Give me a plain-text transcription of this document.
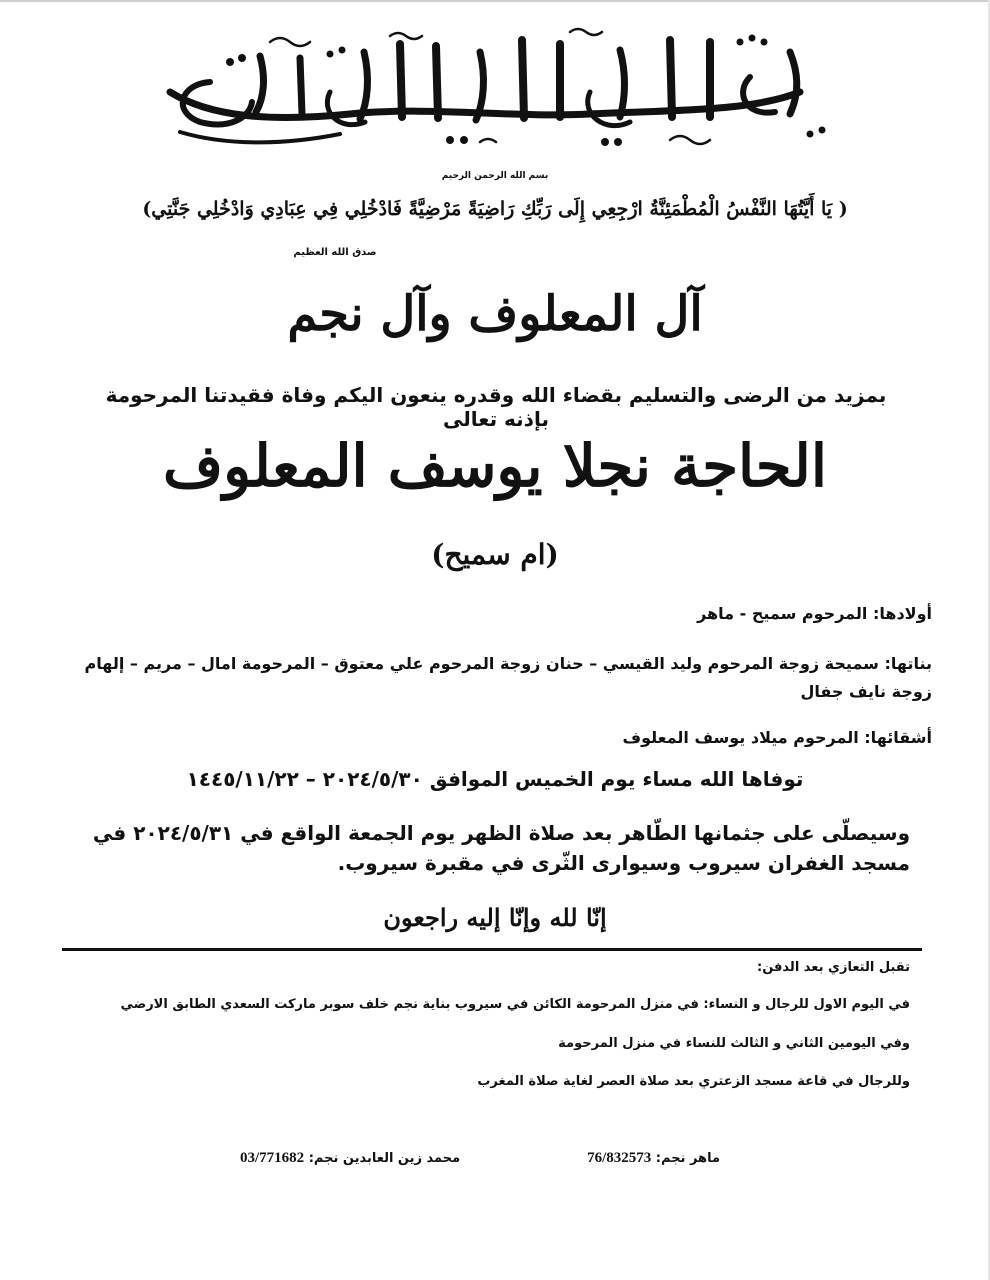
بسم الله الرحمن الرحيم
( يَا أَيَّتُهَا النَّفْسُ الْمُطْمَئِنَّةُ ارْجِعِي إِلَى رَبِّكِ رَاضِيَةً مَرْضِيَّةً فَادْخُلِي فِي عِبَادِي وَادْخُلِي جَنَّتِي)
صدق الله العظيم
آل المعلوف وآل نجم
بمزيد من الرضى والتسليم بقضاء الله وقدره ينعون اليكم وفاة فقيدتنا المرحومة بإذنه تعالى
الحاجة نجلا يوسف المعلوف
(ام سميح)
أولادها: المرحوم سميح - ماهر
بناتها: سميحة زوجة المرحوم وليد القيسي – حنان زوجة المرحوم علي معتوق – المرحومة امال – مريم – إلهام زوجة نايف جفال
أشقائها: المرحوم ميلاد يوسف المعلوف
توفاها الله مساء يوم الخميس الموافق ٢٠٢٤/٥/٣٠ – ١٤٤٥/١١/٢٢
وسيصلّى على جثمانها الطّاهر بعد صلاة الظهر يوم الجمعة الواقع في ٢٠٢٤/٥/٣١ في مسجد الغفران سيروب وسيوارى الثّرى في مقبرة سيروب.
إنّا لله وإنّا إليه راجعون
تقبل التعازي بعد الدفن:
في اليوم الاول للرجال و النساء: في منزل المرحومة الكائن في سيروب بناية نجم خلف سوبر ماركت السعدي الطابق الارضي
وفي اليومين الثاني و الثالث للنساء في منزل المرحومة
وللرجال في قاعة مسجد الزعتري بعد صلاة العصر لغاية صلاة المغرب
ماهر نجم: 76/832573
محمد زين العابدين نجم: 03/771682
